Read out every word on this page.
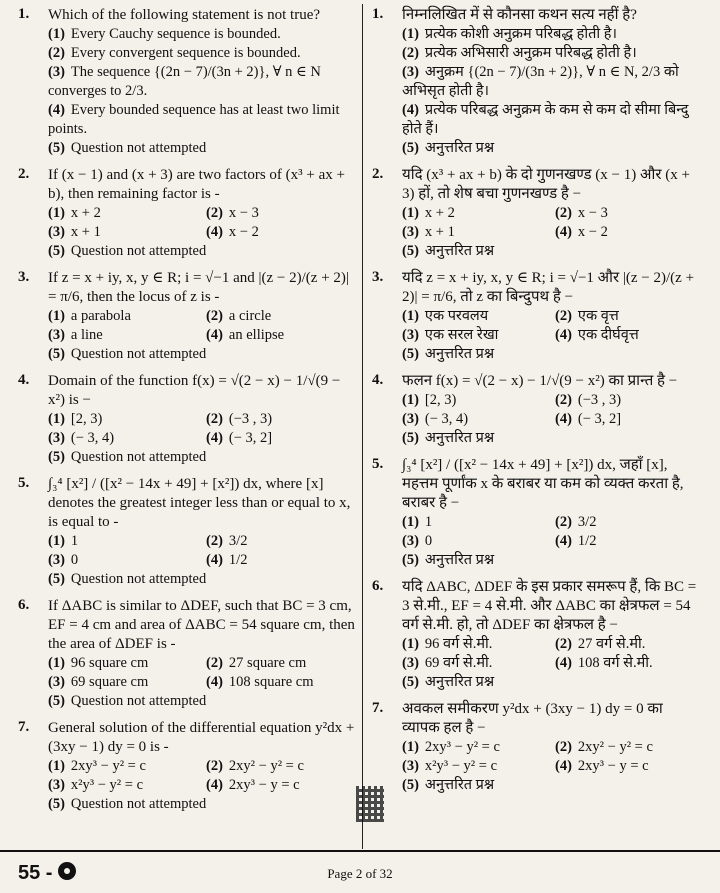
1.	Which of the following statement is not true?
(1) Every Cauchy sequence is bounded.
(2) Every convergent sequence is bounded.
(3) The sequence {(2n − 7)/(3n + 2)}, ∀ n ∈ N converges to 2/3.
(4) Every bounded sequence has at least two limit points.
(5) Question not attempted
2.	If (x − 1) and (x + 3) are two factors of (x³ + ax + b), then remaining factor is -
(1) x + 2	(2) x − 3
(3) x + 1	(4) x − 2
(5) Question not attempted
3.	If z = x + iy, x, y ∈ R; i = √−1 and |(z − 2)/(z + 2)| = π/6, then the locus of z is -
(1) a parabola	(2) a circle
(3) a line	(4) an ellipse
(5) Question not attempted
4.	Domain of the function f(x) = √(2 − x) − 1/√(9 − x²) is −
(1) [2, 3)	(2) (−3 , 3)
(3) (− 3, 4)	(4) (− 3, 2]
(5) Question not attempted
5.	∫₃⁴ [x²] / ([x² − 14x + 49] + [x²]) dx, where [x] denotes the greatest integer less than or equal to x, is equal to -
(1) 1	(2) 3/2
(3) 0	(4) 1/2
(5) Question not attempted
6.	If ΔABC is similar to ΔDEF, such that BC = 3 cm, EF = 4 cm and area of ΔABC = 54 square cm, then the area of ΔDEF is -
(1) 96 square cm	(2) 27 square cm
(3) 69 square cm	(4) 108 square cm
(5) Question not attempted
7.	General solution of the differential equation y²dx + (3xy − 1) dy = 0 is -
(1) 2xy³ − y² = c	(2) 2xy² − y² = c
(3) x²y³ − y² = c	(4) 2xy³ − y = c
(5) Question not attempted
1.	निम्नलिखित में से कौनसा कथन सत्य नहीं है?
(1) प्रत्येक कोशी अनुक्रम परिबद्ध होती है।
(2) प्रत्येक अभिसारी अनुक्रम परिबद्ध होती है।
(3) अनुक्रम {(2n − 7)/(3n + 2)}, ∀ n ∈ N, 2/3 को अभिसृत होती है।
(4) प्रत्येक परिबद्ध अनुक्रम के कम से कम दो सीमा बिन्दु होते हैं।
(5) अनुत्तरित प्रश्न
2.	यदि (x³ + ax + b) के दो गुणनखण्ड (x − 1) और (x + 3) हों, तो शेष बचा गुणनखण्ड है −
(1) x + 2	(2) x − 3
(3) x + 1	(4) x − 2
(5) अनुत्तरित प्रश्न
3.	यदि z = x + iy, x, y ∈ R; i = √−1 और |(z − 2)/(z + 2)| = π/6, तो z का बिन्दुपथ है −
(1) एक परवलय	(2) एक वृत्त
(3) एक सरल रेखा	(4) एक दीर्घवृत्त
(5) अनुत्तरित प्रश्न
4.	फलन f(x) = √(2 − x) − 1/√(9 − x²) का प्रान्त है −
(1) [2, 3)	(2) (−3 , 3)
(3) (− 3, 4)	(4) (− 3, 2]
(5) अनुत्तरित प्रश्न
5.	∫₃⁴ [x²] / ([x² − 14x + 49] + [x²]) dx, जहाँ [x], महत्तम पूर्णांक x के बराबर या कम को व्यक्त करता है, बराबर है −
(1) 1	(2) 3/2
(3) 0	(4) 1/2
(5) अनुत्तरित प्रश्न
6.	यदि ΔABC, ΔDEF के इस प्रकार समरूप हैं, कि BC = 3 से.मी., EF = 4 से.मी. और ΔABC का क्षेत्रफल = 54 वर्ग से.मी. हो, तो ΔDEF का क्षेत्रफल है −
(1) 96 वर्ग से.मी.	(2) 27 वर्ग से.मी.
(3) 69 वर्ग से.मी.	(4) 108 वर्ग से.मी.
(5) अनुत्तरित प्रश्न
7.	अवकल समीकरण y²dx + (3xy − 1) dy = 0 का व्यापक हल है −
(1) 2xy³ − y² = c	(2) 2xy² − y² = c
(3) x²y³ − y² = c	(4) 2xy³ − y = c
(5) अनुत्तरित प्रश्न
55 -	Page 2 of 32
